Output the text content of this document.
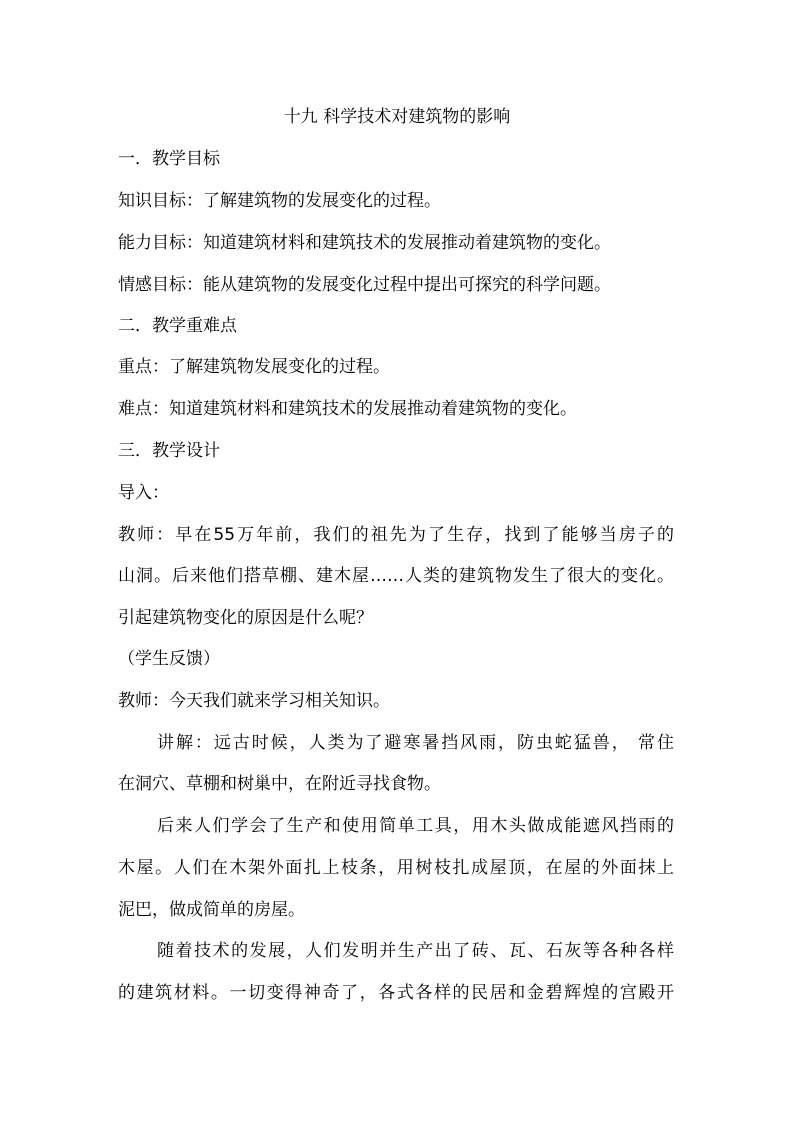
十九 科学技术对建筑物的影响
一．教学目标
知识目标：了解建筑物的发展变化的过程。
能力目标：知道建筑材料和建筑技术的发展推动着建筑物的变化。
情感目标：能从建筑物的发展变化过程中提出可探究的科学问题。
二．教学重难点
重点：了解建筑物发展变化的过程。
难点：知道建筑材料和建筑技术的发展推动着建筑物的变化。
三．教学设计
导入：
教师：早在55万年前，我们的祖先为了生存，找到了能够当房子的
山洞。后来他们搭草棚、建木屋……人类的建筑物发生了很大的变化。
引起建筑物变化的原因是什么呢？
（学生反馈）
教师：今天我们就来学习相关知识。
讲解：远古时候，人类为了避寒暑挡风雨，防虫蛇猛兽， 常住
在洞穴、草棚和树巢中，在附近寻找食物。
后来人们学会了生产和使用简单工具，用木头做成能遮风挡雨的
木屋。人们在木架外面扎上枝条，用树枝扎成屋顶，在屋的外面抹上
泥巴，做成简单的房屋。
随着技术的发展，人们发明并生产出了砖、瓦、石灰等各种各样
的建筑材料。一切变得神奇了，各式各样的民居和金碧辉煌的宫殿开
